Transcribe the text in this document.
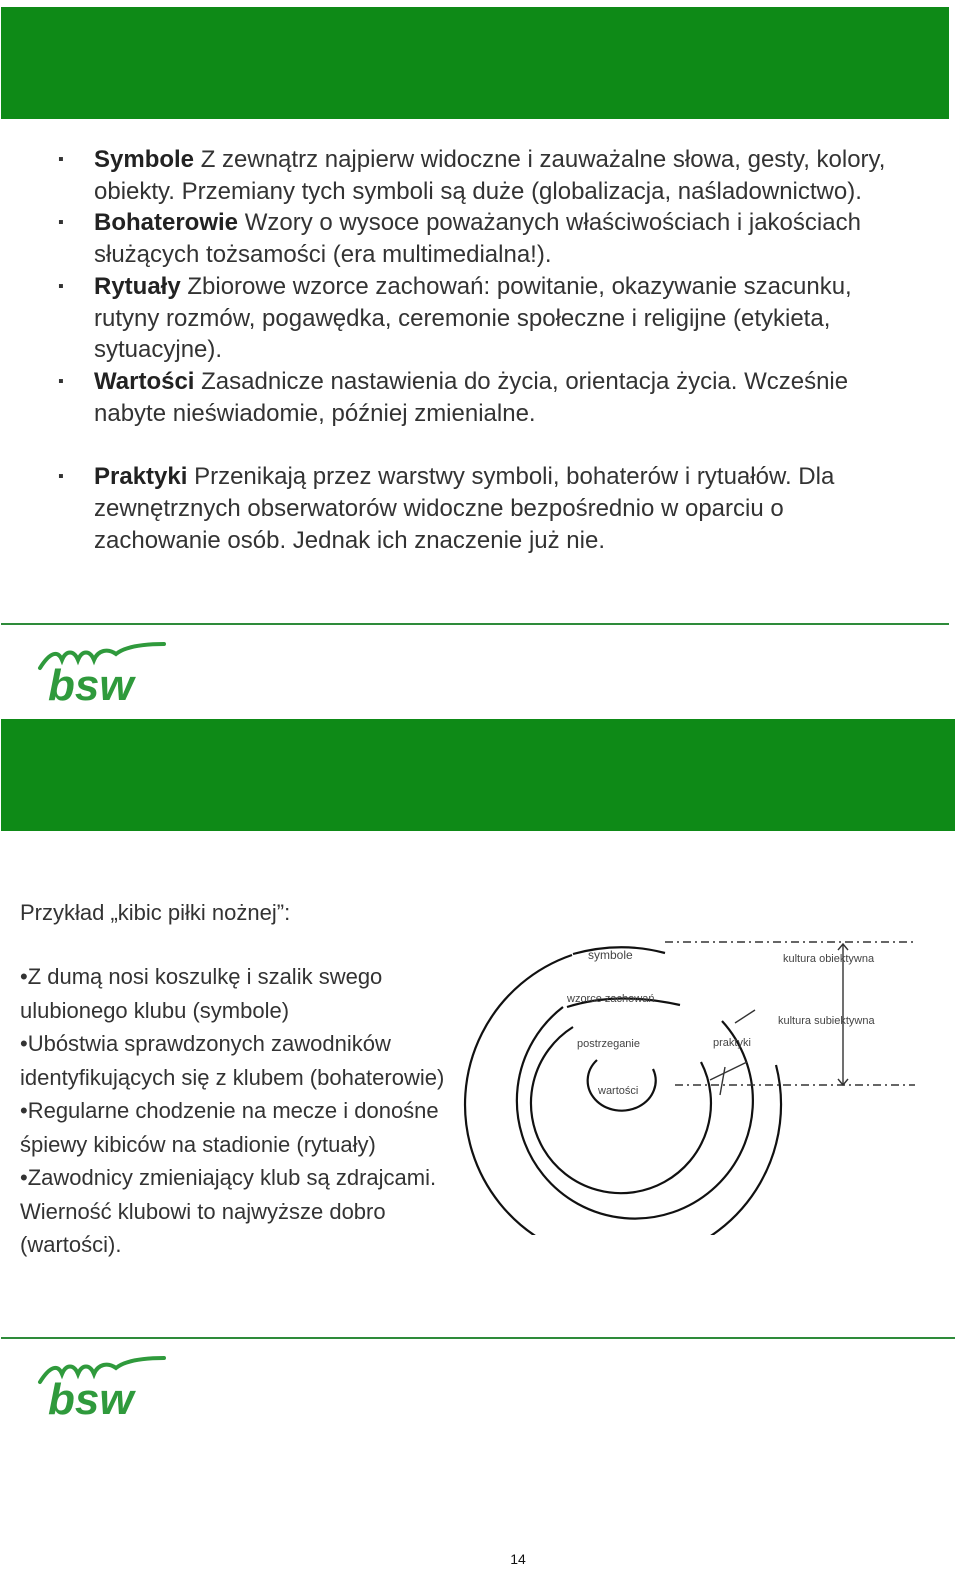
▪ Symbole Z zewnątrz najpierw widoczne i zauważalne słowa, gesty, kolory, obiekty. Przemiany tych symboli są duże (globalizacja, naśladownictwo).
▪ Bohaterowie Wzory o wysoce poważanych właściwościach i jakościach służących tożsamości (era multimedialna!).
▪ Rytuały Zbiorowe wzorce zachowań: powitanie, okazywanie szacunku, rutyny rozmów, pogawędka, ceremonie społeczne i religijne (etykieta, sytuacyjne).
▪ Wartości Zasadnicze nastawienia do życia, orientacja życia. Wcześnie nabyte nieświadomie, później zmienialne.
▪ Praktyki Przenikają przez warstwy symboli, bohaterów i rytuałów. Dla zewnętrznych obserwatorów widoczne bezpośrednio w oparciu o zachowanie osób. Jednak ich znaczenie już nie.
bsw
Przykład „kibic piłki nożnej”:
•Z dumą nosi koszulkę i szalik swego ulubionego klubu (symbole)
•Ubóstwia sprawdzonych zawodników identyfikujących się z klubem (bohaterowie)
•Regularne chodzenie na mecze i donośne śpiewy kibiców na stadionie (rytuały)
•Zawodnicy zmieniający klub są zdrajcami. Wierność klubowi to najwyższe dobro (wartości).
symbole
wzorce zachowań
postrzeganie
wartości
praktyki
kultura obiektywna
kultura subiektywna
bsw
14
